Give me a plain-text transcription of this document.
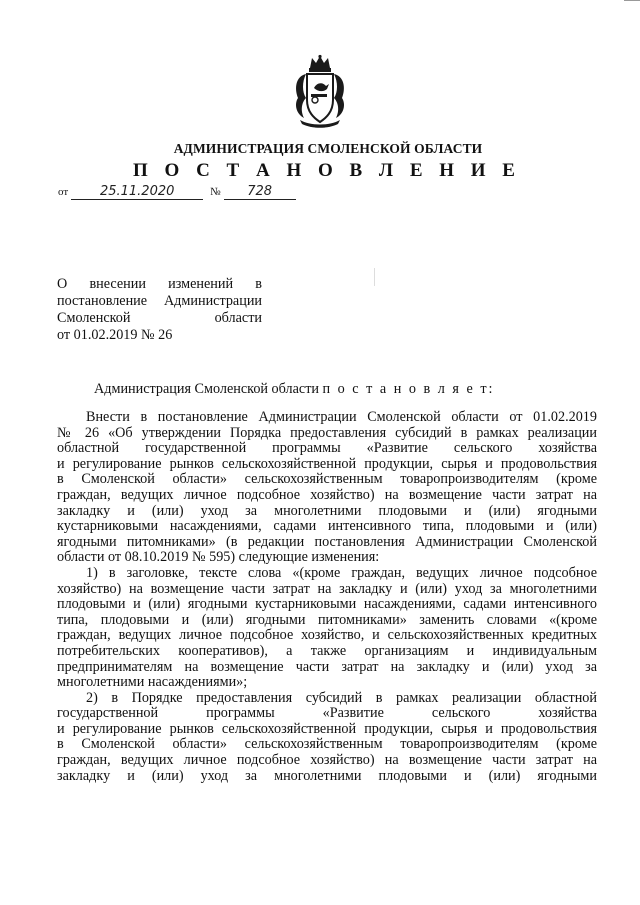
АДМИНИСТРАЦИЯ СМОЛЕНСКОЙ ОБЛАСТИ
П О С Т А Н О В Л Е Н И Е
от 25.11.2020	№ 728
О внесении изменений в
постановление Администрации
Смоленской области
от 01.02.2019 № 26
Администрация Смоленской области п о с т а н о в л я е т:

Внести в постановление Администрации Смоленской области от 01.02.2019
№ 26 «Об утверждении Порядка предоставления субсидий в рамках реализации
областной государственной программы «Развитие сельского хозяйства
и регулирование рынков сельскохозяйственной продукции, сырья и продовольствия
в Смоленской области» сельскохозяйственным товаропроизводителям (кроме
граждан, ведущих личное подсобное хозяйство) на возмещение части затрат на
закладку и (или) уход за многолетними плодовыми и (или) ягодными
кустарниковыми насаждениями, садами интенсивного типа, плодовыми и (или)
ягодными питомниками» (в редакции постановления Администрации Смоленской
области от 08.10.2019 № 595) следующие изменения:

1) в заголовке, тексте слова «(кроме граждан, ведущих личное подсобное
хозяйство) на возмещение части затрат на закладку и (или) уход за многолетними
плодовыми и (или) ягодными кустарниковыми насаждениями, садами интенсивного
типа, плодовыми и (или) ягодными питомниками» заменить словами «(кроме
граждан, ведущих личное подсобное хозяйство, и сельскохозяйственных кредитных
потребительских кооперативов), а также организациям и индивидуальным
предпринимателям на возмещение части затрат на закладку и (или) уход за
многолетними насаждениями»;

2) в Порядке предоставления субсидий в рамках реализации областной
государственной программы «Развитие сельского хозяйства
и регулирование рынков сельскохозяйственной продукции, сырья и продовольствия
в Смоленской области» сельскохозяйственным товаропроизводителям (кроме
граждан, ведущих личное подсобное хозяйство) на возмещение части затрат на
закладку и (или) уход за многолетними плодовыми и (или) ягодными
